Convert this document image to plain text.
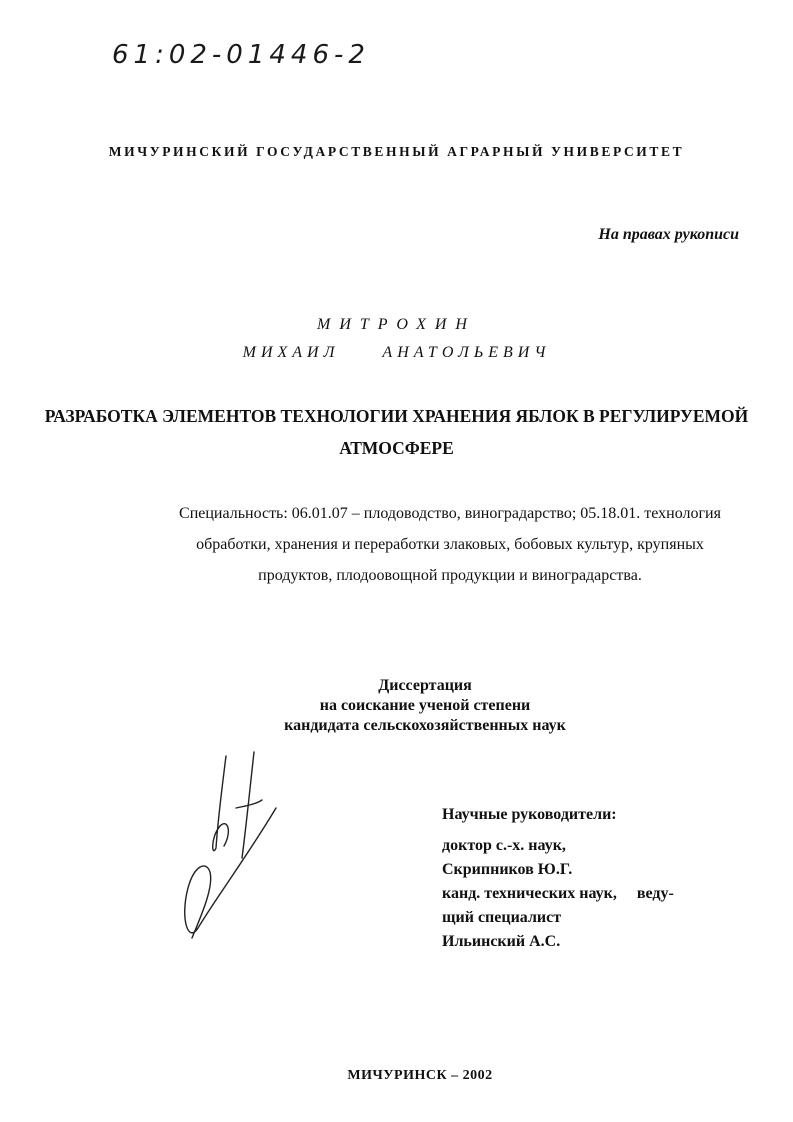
61:02-01446-2
МИЧУРИНСКИЙ ГОСУДАРСТВЕННЫЙ АГРАРНЫЙ УНИВЕРСИТЕТ
На правах рукописи
МИТРОХИН
МИХАИЛ АНАТОЛЬЕВИЧ
РАЗРАБОТКА ЭЛЕМЕНТОВ ТЕХНОЛОГИИ ХРАНЕНИЯ ЯБЛОК В РЕГУЛИРУЕМОЙ АТМОСФЕРЕ
Специальность: 06.01.07 – плодоводство, виноградарство; 05.18.01. технология обработки, хранения и переработки злаковых, бобовых культур, крупяных продуктов, плодоовощной продукции и виноградарства.
Диссертация
на соискание ученой степени
кандидата сельскохозяйственных наук
Научные руководители:
доктор с.-х. наук,
Скрипников Ю.Г.
канд. технических наук,     веду-
щий специалист
Ильинский А.С.
МИЧУРИНСК – 2002
